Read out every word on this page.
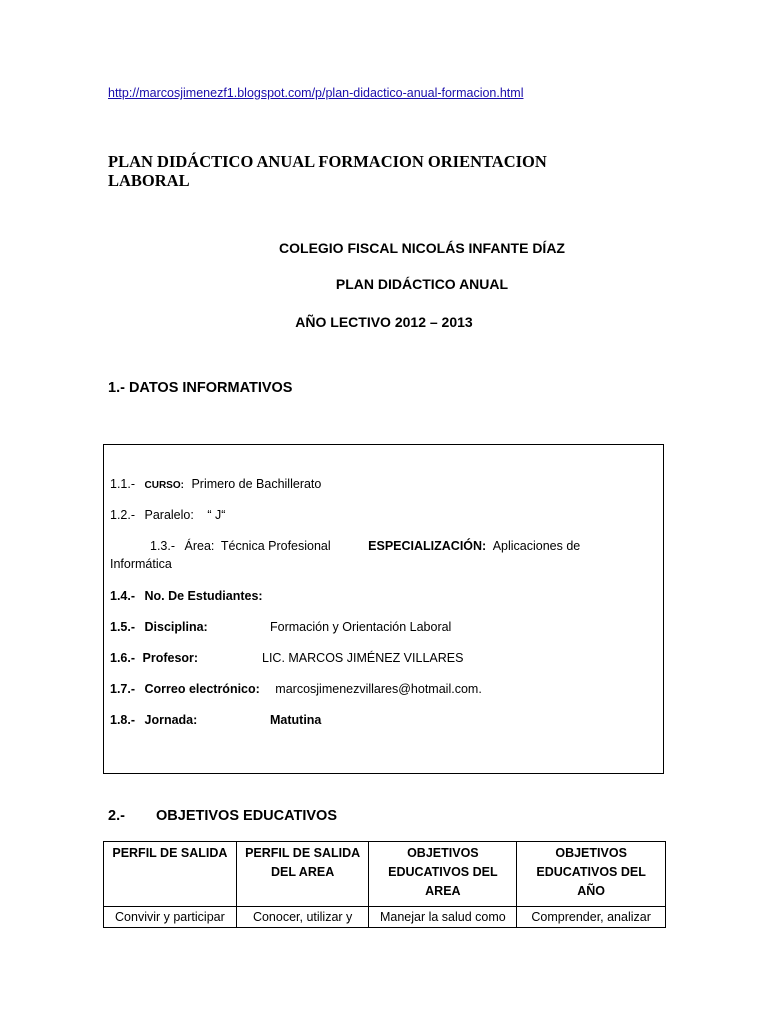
http://marcosjimenezf1.blogspot.com/p/plan-didactico-anual-formacion.html
PLAN DIDÁCTICO ANUAL FORMACION ORIENTACION LABORAL
COLEGIO FISCAL NICOLÁS INFANTE DÍAZ
PLAN DIDÁCTICO ANUAL
AÑO LECTIVO 2012 – 2013
1.- DATOS INFORMATIVOS
1.1.- CURSO: Primero de Bachillerato
1.2.- Paralelo: “ J“
1.3.- Área: Técnica Profesional	ESPECIALIZACIÓN: Aplicaciones de
Informática
1.4.- No. De Estudiantes:
1.5.- Disciplina:	Formación y Orientación Laboral
1.6.- Profesor:	LIC. MARCOS JIMÉNEZ VILLARES
1.7.- Correo electrónico: marcosjimenezvillares@hotmail.com.
1.8.- Jornada:	Matutina
2.- OBJETIVOS EDUCATIVOS
PERFIL DE SALIDA	PERFIL DE SALIDA DEL AREA	OBJETIVOS EDUCATIVOS DEL AREA	OBJETIVOS EDUCATIVOS DEL AÑO
Convivir y participar	Conocer, utilizar y	Manejar la salud como	Comprender, analizar
